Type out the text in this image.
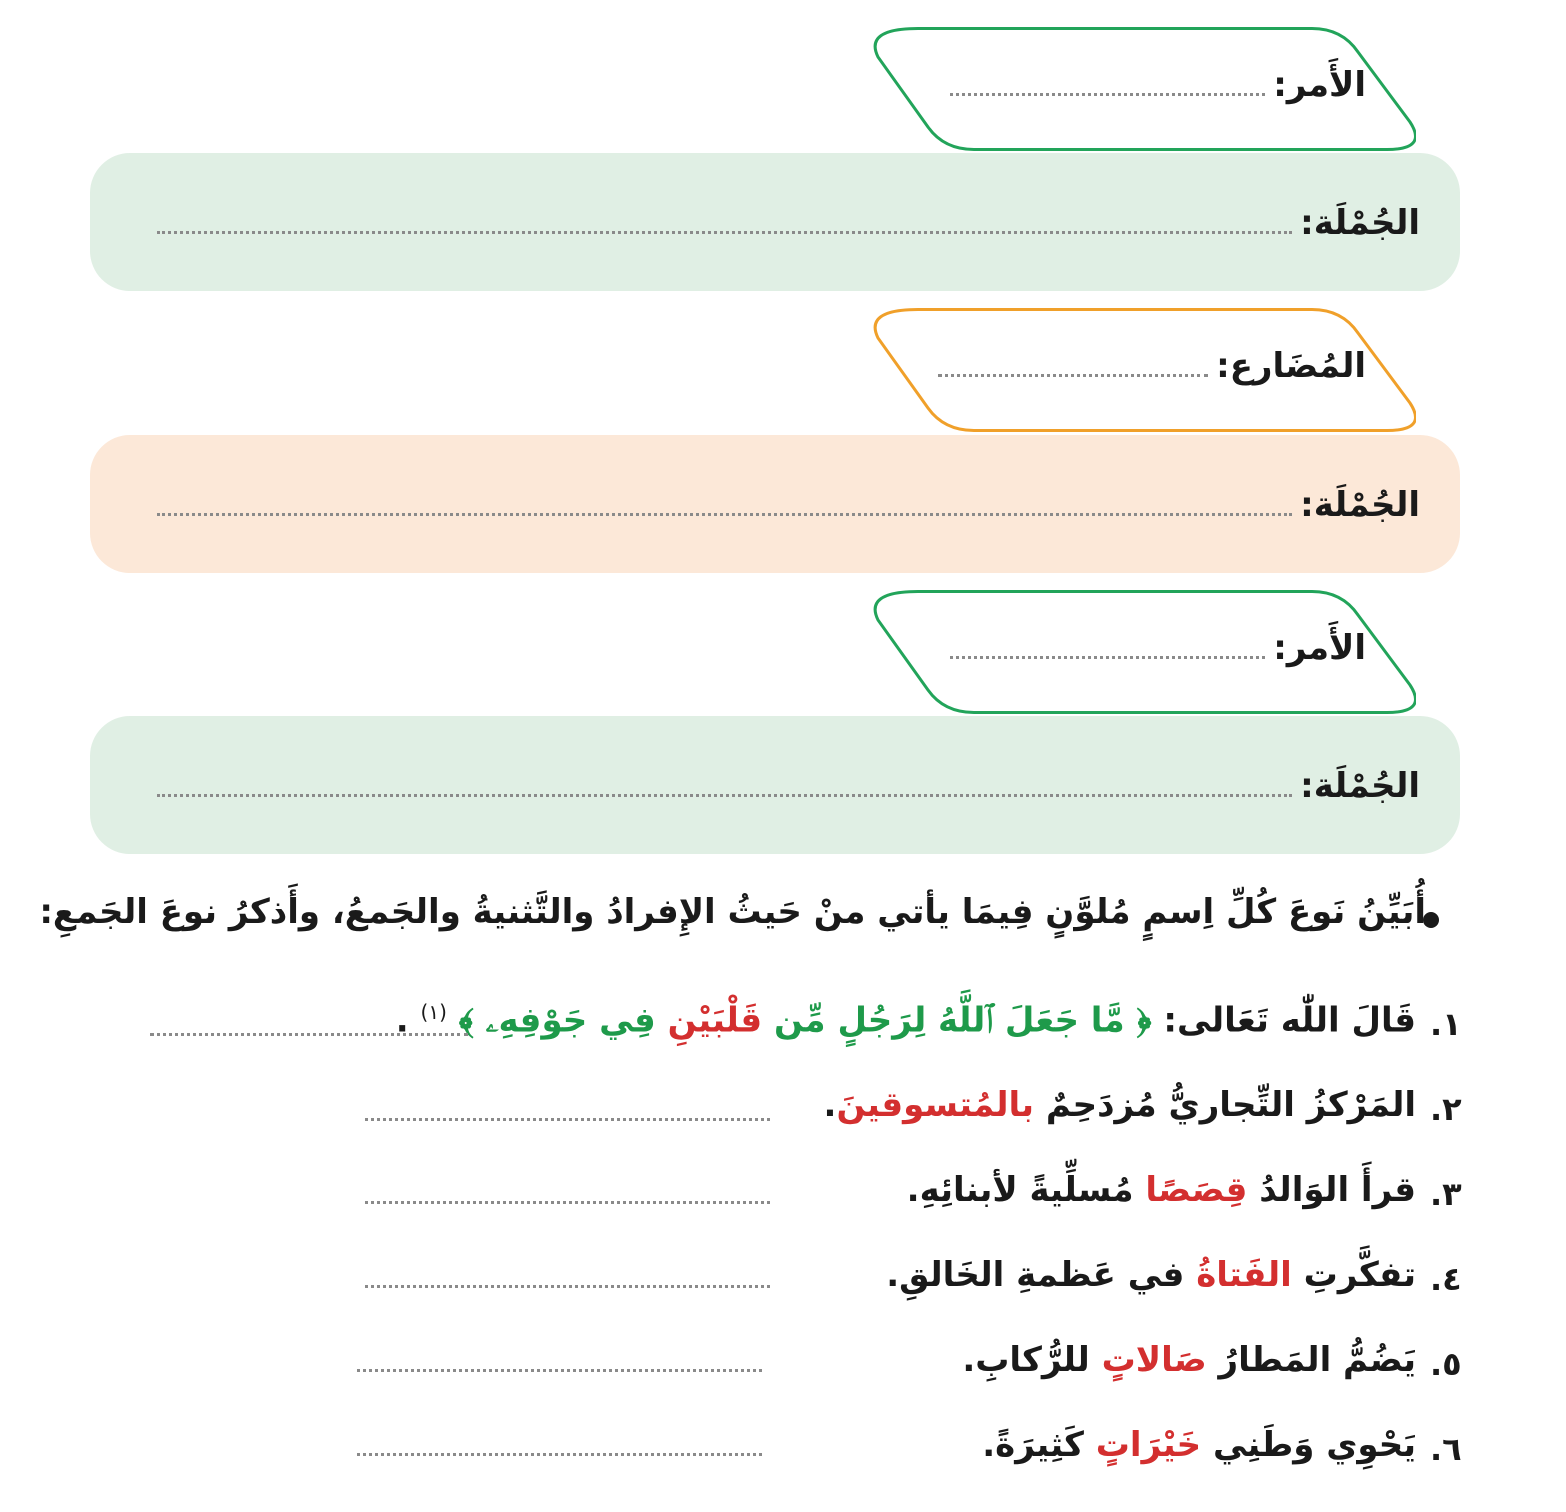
الأَمر:
الجُمْلَة:
المُضَارع:
الجُمْلَة:
الأَمر:
الجُمْلَة:
أُبَيِّنُ نَوعَ كُلِّ اِسمٍ مُلوَّنٍ فِيمَا يأتي منْ حَيثُ الإِفرادُ والتَّثنيةُ والجَمعُ، وأَذكرُ نوعَ الجَمعِ:
١.
قَالَ اللّٰه تَعَالى: ﴿ مَّا جَعَلَ ٱللَّهُ لِرَجُلٍ مِّن قَلْبَيْنِ فِي جَوْفِهِۦ ﴾ $^{(١)}$ .
٢.
المَرْكزُ التِّجاريُّ مُزدَحِمٌ بالمُتسوقينَ.
٣.
قرأَ الوَالدُ قِصَصًا مُسلِّيةً لأبنائِهِ.
٤.
تفكَّرتِ الفَتاةُ في عَظمةِ الخَالقِ.
٥.
يَضُمُّ المَطارُ صَالاتٍ للرُّكابِ.
٦.
يَحْوِي وَطَنِي خَيْرَاتٍ كَثِيرَةً.
